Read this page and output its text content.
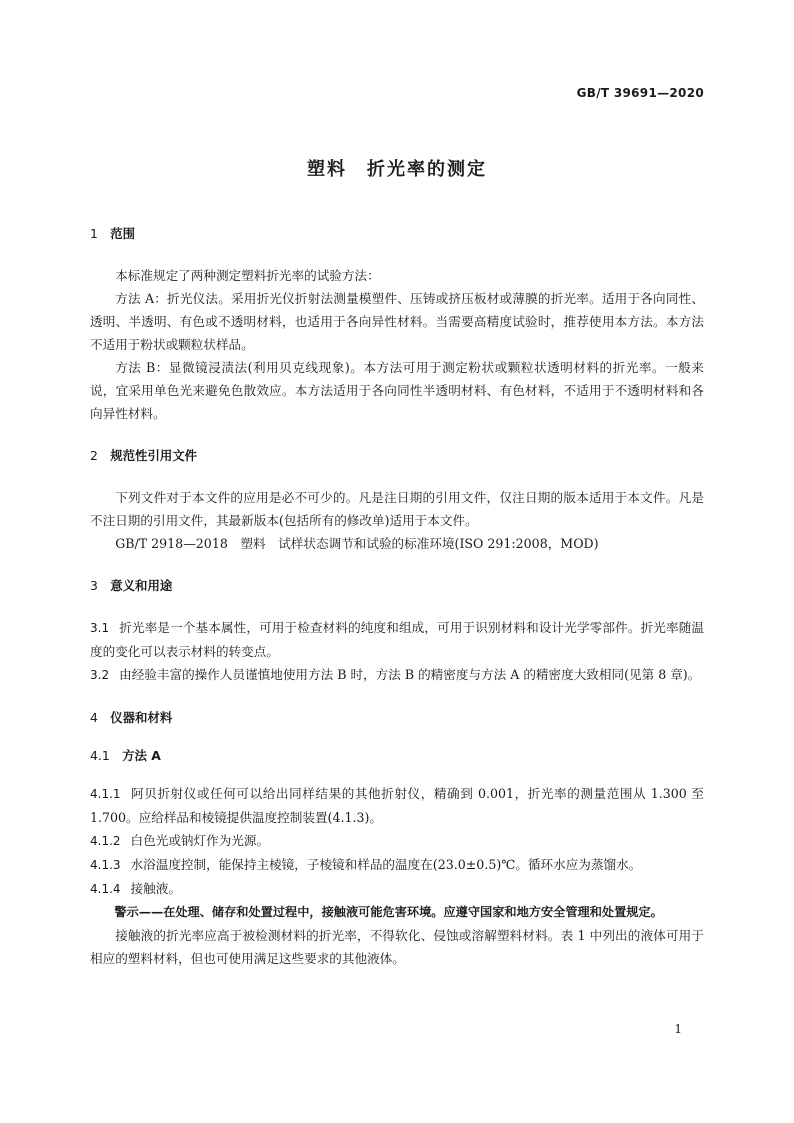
GB/T 39691—2020
塑料　折光率的测定

1　 范围

本标准规定了两种测定塑料折光率的试验方法：

方法 A：折光仪法。采用折光仪折射法测量模塑件、压铸或挤压板材或薄膜的折光率。适用于各向同性、透明、半透明、有色或不透明材料，也适用于各向异性材料。当需要高精度试验时，推荐使用本方法。本方法不适用于粉状或颗粒状样品。

方法 B：显微镜浸渍法(利用贝克线现象)。本方法可用于测定粉状或颗粒状透明材料的折光率。一般来说，宜采用单色光来避免色散效应。本方法适用于各向同性半透明材料、有色材料，不适用于不透明材料和各向异性材料。

2　 规范性引用文件

下列文件对于本文件的应用是必不可少的。凡是注日期的引用文件，仅注日期的版本适用于本文件。凡是不注日期的引用文件，其最新版本(包括所有的修改单)适用于本文件。

GB/T 2918—2018　塑料　试样状态调节和试验的标准环境(ISO 291:2008，MOD)

3　 意义和用途

3.1 折光率是一个基本属性，可用于检查材料的纯度和组成，可用于识别材料和设计光学零部件。折光率随温度的变化可以表示材料的转变点。

3.2 由经验丰富的操作人员谨慎地使用方法 B 时，方法 B 的精密度与方法 A 的精密度大致相同(见第 8 章)。

4　 仪器和材料

4.1　 方法 A

4.1.1 阿贝折射仪或任何可以给出同样结果的其他折射仪，精确到 0.001，折光率的测量范围从 1.300 至 1.700。应给样品和棱镜提供温度控制装置(4.1.3)。

4.1.2 白色光或钠灯作为光源。

4.1.3 水浴温度控制，能保持主棱镜，子棱镜和样品的温度在(23.0±0.5)℃。循环水应为蒸馏水。

4.1.4 接触液。

警示——在处理、储存和处置过程中，接触液可能危害环境。应遵守国家和地方安全管理和处置规定。

接触液的折光率应高于被检测材料的折光率，不得软化、侵蚀或溶解塑料材料。表 1 中列出的液体可用于相应的塑料材料，但也可使用满足这些要求的其他液体。

1
